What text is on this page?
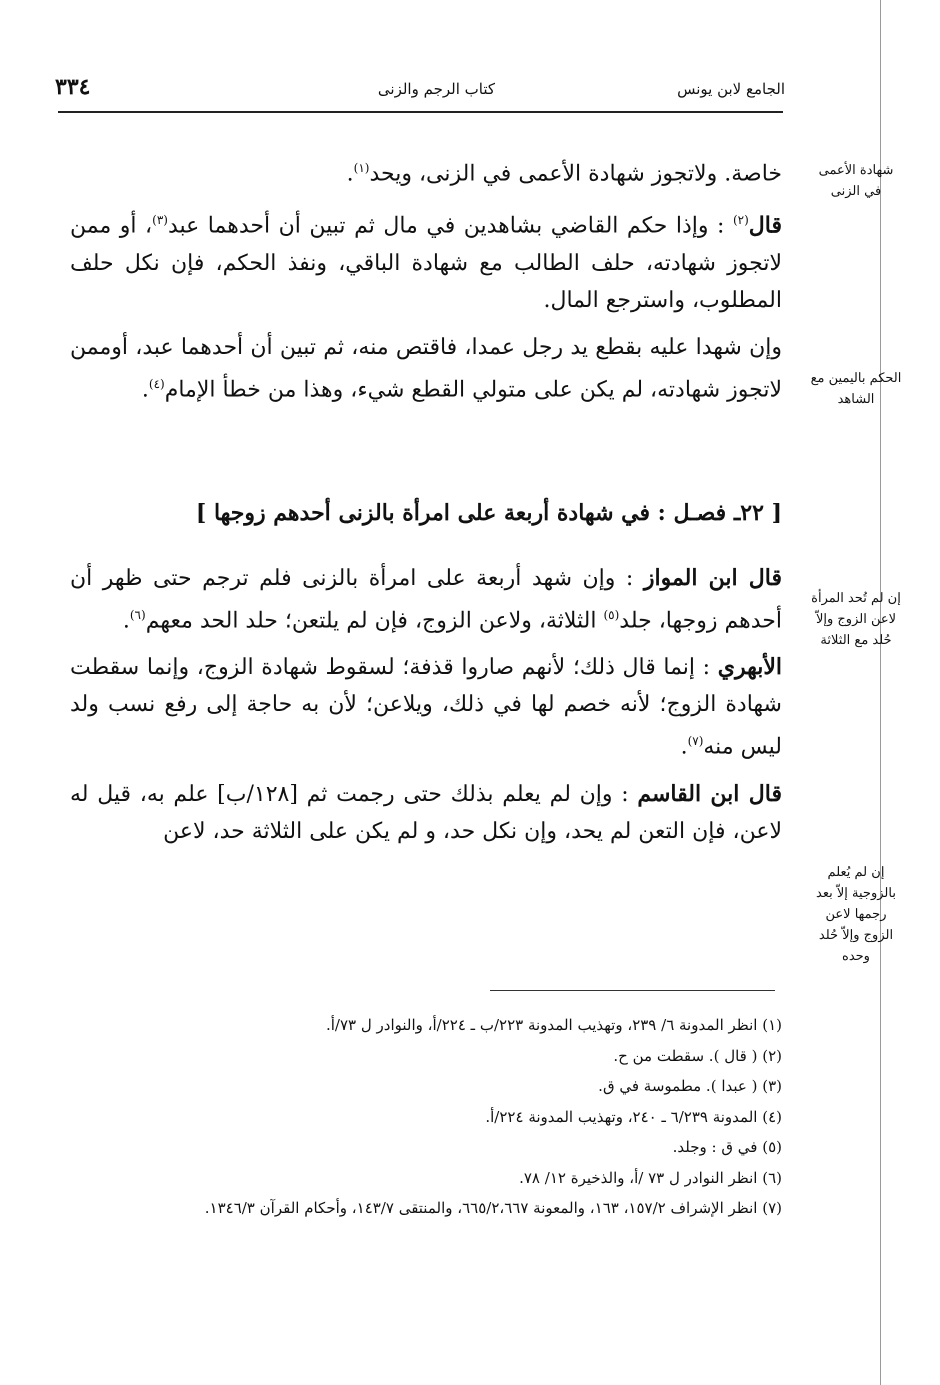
الجامع لابن يونس
كتاب الرجم والزنى
٣٣٤
شهادة الأعمى في الزنى
الحكم باليمين مع الشاهد
إن لم تُحد المرأة لاعن الزوج وإلاّ حُلد مع الثلاثة
إن لم يُعلم بالزوجية إلاّ بعد رجمها لاعن الزوج وإلاّ حُلد وحده

خاصة. ولاتجوز شهادة الأعمى في الزنى، ويحد$^{(١)}$.

قال$^{(٢)}$ : وإذا حكم القاضي بشاهدين في مال ثم تبين أن أحدهما عبد$^{(٣)}$، أو ممن لاتجوز شهادته، حلف الطالب مع شهادة الباقي، ونفذ الحكم، فإن نكل حلف المطلوب، واسترجع المال.

وإن شهدا عليه بقطع يد رجل عمدا، فاقتص منه، ثم تبين أن أحدهما عبد، أوممن لاتجوز شهادته، لم يكن على متولي القطع شيء، وهذا من خطأ الإمام$^{(٤)}$.

[ ٢٢ـ فصـل : في شهادة أربعة على امرأة بالزنى أحدهم زوجها ]

قال ابن المواز : وإن شهد أربعة على امرأة بالزنى فلم ترجم حتى ظهر أن أحدهم زوجها، جلد$^{(٥)}$ الثلاثة، ولاعن الزوج، فإن لم يلتعن؛ حلد الحد معهم$^{(٦)}$.

الأبهري : إنما قال ذلك؛ لأنهم صاروا قذفة؛ لسقوط شهادة الزوج، وإنما سقطت شهادة الزوج؛ لأنه خصم لها في ذلك، ويلاعن؛ لأن به حاجة إلى رفع نسب ولد ليس منه$^{(٧)}$.

قال ابن القاسم : وإن لم يعلم بذلك حتى رجمت ثم [١٢٨/ب] علم به، قيل له لاعن، فإن التعن لم يحد، وإن نكل حد، و لم يكن على الثلاثة حد، لاعن

(١) انظر المدونة ٦/ ٢٣٩، وتهذيب المدونة ٢٢٣/ب ـ ٢٢٤/أ، والنوادر ل ٧٣/أ.
(٢) ( قال ). سقطت من ح.
(٣) ( عبدا ). مطموسة في ق.
(٤) المدونة ٦/٢٣٩ ـ ٢٤٠، وتهذيب المدونة ٢٢٤/أ.
(٥) في ق : وجلد.
(٦) انظر النوادر ل ٧٣ /أ، والذخيرة ١٢/ ٧٨.
(٧) انظر الإشراف ١٥٧/٢، ١٦٣، والمعونة ٦٦٥/٢،٦٦٧، والمنتقى ١٤٣/٧، وأحكام القرآن ١٣٤٦/٣.
